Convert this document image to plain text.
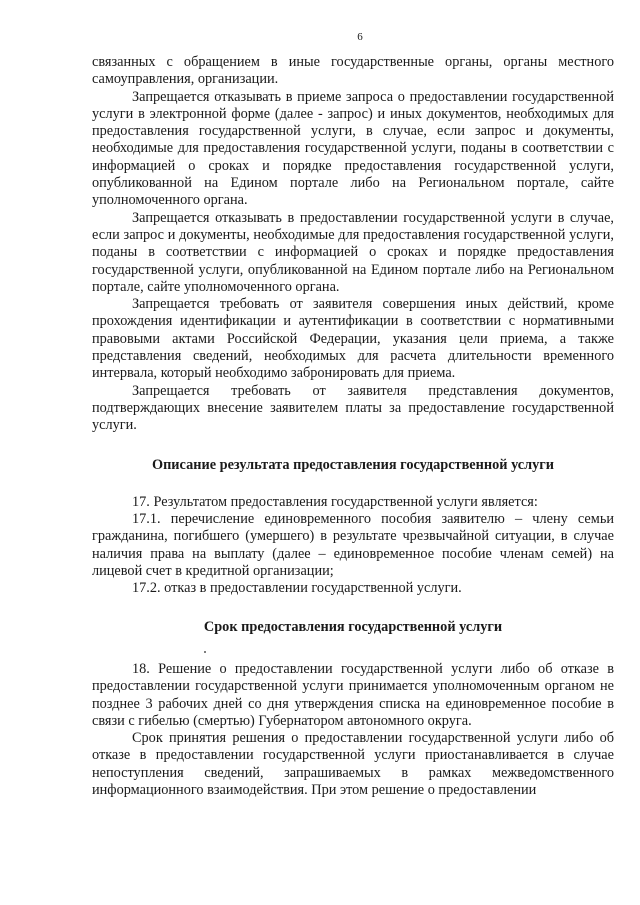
6

связанных с обращением в иные государственные органы, органы местного самоуправления, организации.

Запрещается отказывать в приеме запроса о предоставлении государственной услуги в электронной форме (далее - запрос) и иных документов, необходимых для предоставления государственной услуги, в случае, если запрос и документы, необходимые для предоставления государственной услуги, поданы в соответствии с информацией о сроках и порядке предоставления государственной услуги, опубликованной на Едином портале либо на Региональном портале, сайте уполномоченного органа.

Запрещается отказывать в предоставлении государственной услуги в случае, если запрос и документы, необходимые для предоставления государственной услуги, поданы в соответствии с информацией о сроках и порядке предоставления государственной услуги, опубликованной на Едином портале либо на Региональном портале, сайте уполномоченного органа.

Запрещается требовать от заявителя совершения иных действий, кроме прохождения идентификации и аутентификации в соответствии с нормативными правовыми актами Российской Федерации, указания цели приема, а также представления сведений, необходимых для расчета длительности временного интервала, который необходимо забронировать для приема.

Запрещается требовать от заявителя представления документов, подтверждающих внесение заявителем платы за предоставление государственной услуги.

Описание результата предоставления государственной услуги

17. Результатом предоставления государственной услуги является:

17.1. перечисление единовременного пособия заявителю – члену семьи гражданина, погибшего (умершего) в результате чрезвычайной ситуации, в случае наличия права на выплату (далее – единовременное пособие членам семей) на лицевой счет в кредитной организации;

17.2. отказ в предоставлении государственной услуги.

Срок предоставления государственной услуги

18. Решение о предоставлении государственной услуги либо об отказе в предоставлении государственной услуги принимается уполномоченным органом не позднее 3 рабочих дней со дня утверждения списка на единовременное пособие в связи с гибелью (смертью) Губернатором автономного округа.

Срок принятия решения о предоставлении государственной услуги либо об отказе в предоставлении государственной услуги приостанавливается в случае непоступления сведений, запрашиваемых в рамках межведомственного информационного взаимодействия. При этом решение о предоставлении
